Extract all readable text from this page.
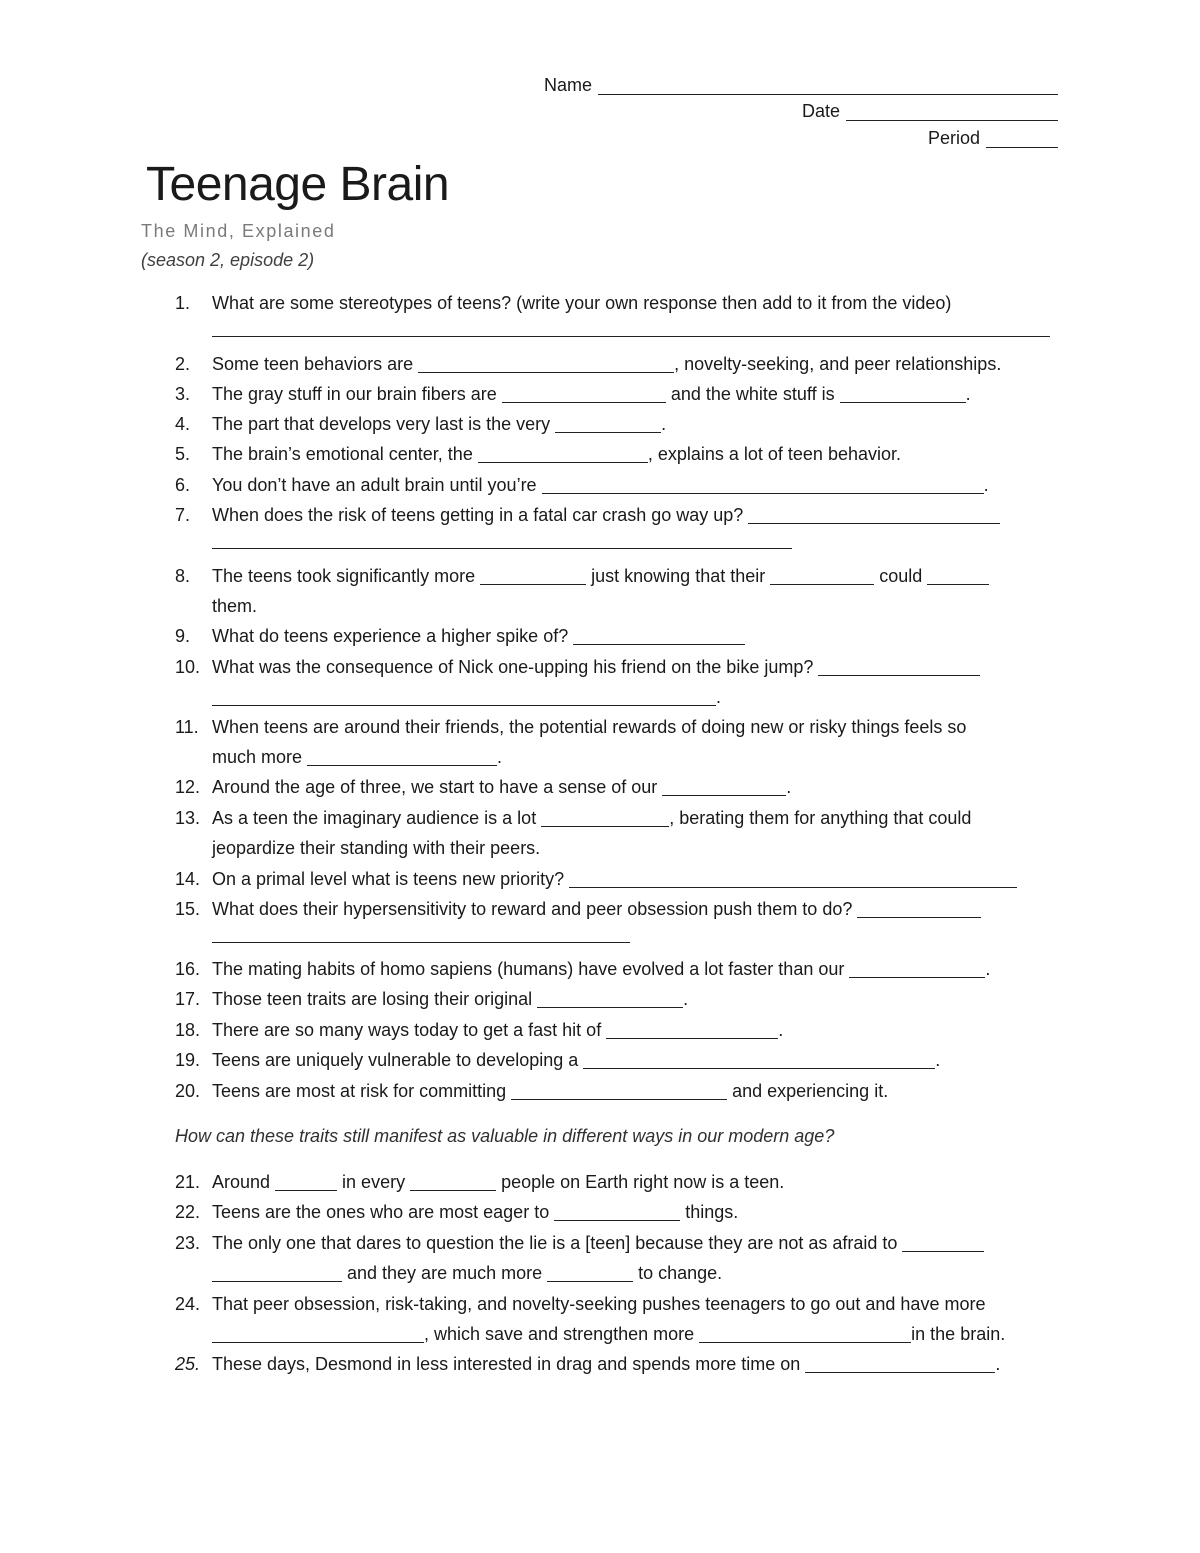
Name
Date
Period
Teenage Brain
The Mind, Explained
(season 2, episode 2)
1.	What are some stereotypes of teens? (write your own response then add to it from the video)
2.	Some teen behaviors are	, novelty-seeking, and peer relationships.
3.	The gray stuff in our brain fibers are	and the white stuff is	.
4.	The part that develops very last is the very	.
5.	The brain’s emotional center, the	, explains a lot of teen behavior.
6.	You don’t have an adult brain until you’re	.
7.	When does the risk of teens getting in a fatal car crash go way up?
8.	The teens took significantly more	just knowing that their	could
them.
9.	What do teens experience a higher spike of?
10. What was the consequence of Nick one-upping his friend on the bike jump?
.
11. When teens are around their friends, the potential rewards of doing new or risky things feels so
much more	.
12. Around the age of three, we start to have a sense of our	.
13. As a teen the imaginary audience is a lot	, berating them for anything that could
jeopardize their standing with their peers.
14. On a primal level what is teens new priority?
15. What does their hypersensitivity to reward and peer obsession push them to do?
16. The mating habits of homo sapiens (humans) have evolved a lot faster than our	.
17. Those teen traits are losing their original	.
18. There are so many ways today to get a fast hit of	.
19. Teens are uniquely vulnerable to developing a	.
20. Teens are most at risk for committing	and experiencing it.
How can these traits still manifest as valuable in different ways in our modern age?
21. Around	in every	people on Earth right now is a teen.
22. Teens are the ones who are most eager to	things.
23. The only one that dares to question the lie is a [teen] because they are not as afraid to
and they are much more	to change.
24. That peer obsession, risk-taking, and novelty-seeking pushes teenagers to go out and have more
, which save and strengthen more	in the brain.
25. These days, Desmond in less interested in drag and spends more time on	.
